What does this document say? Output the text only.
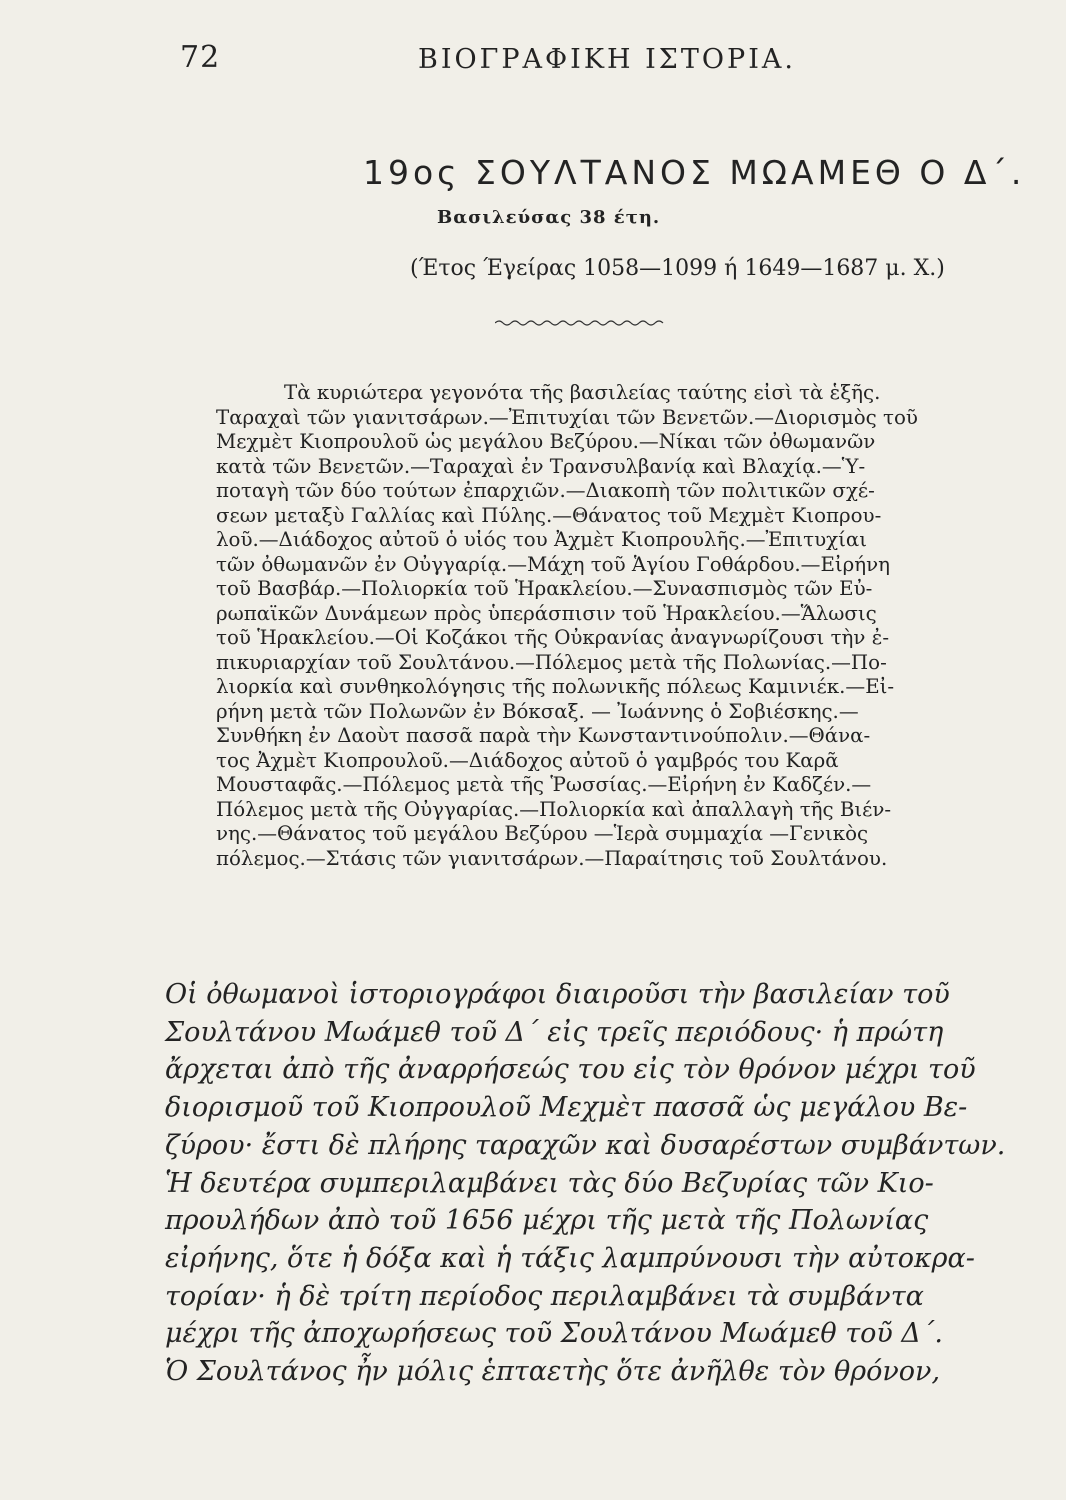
72	ΒΙΟΓΡΑΦΙΚΗ ΙΣΤΟΡΙΑ.
19ος ΣΟΥΛΤΑΝΟΣ ΜΩΑΜΕΘ Ο Δ΄.
Βασιλεύσας 38 έτη.
(Έτος Έγείρας 1058—1099 ή 1649—1687 μ. Χ.)
Τὰ κυριώτερα γεγονότα τῆς βασιλείας ταύτης εἰσὶ τὰ ἑξῆς.
Ταραχαὶ τῶν γιανιτσάρων.—Ἐπιτυχίαι τῶν Βενετῶν.—Διορισμὸς τοῦ
Μεχμὲτ Κιοπρουλοῦ ὡς μεγάλου Βεζύρου.—Νίκαι τῶν ὀθωμανῶν
κατὰ τῶν Βενετῶν.—Ταραχαὶ ἐν Τρανσυλβανίᾳ καὶ Βλαχίᾳ.—Ὑ-
ποταγὴ τῶν δύο τούτων ἐπαρχιῶν.—Διακοπὴ τῶν πολιτικῶν σχέ-
σεων μεταξὺ Γαλλίας καὶ Πύλης.—Θάνατος τοῦ Μεχμὲτ Κιοπρου-
λοῦ.—Διάδοχος αὐτοῦ ὁ υἱός του Ἀχμὲτ Κιοπρουλῆς.—Ἐπιτυχίαι
τῶν ὀθωμανῶν ἐν Οὐγγαρίᾳ.—Μάχη τοῦ Ἁγίου Γοθάρδου.—Εἰρήνη
τοῦ Βασβάρ.—Πολιορκία τοῦ Ἡρακλείου.—Συνασπισμὸς τῶν Εὐ-
ρωπαϊκῶν Δυνάμεων πρὸς ὑπεράσπισιν τοῦ Ἡρακλείου.—Ἅλωσις
τοῦ Ἡρακλείου.—Οἱ Κοζάκοι τῆς Οὐκρανίας ἀναγνωρίζουσι τὴν ἐ-
πικυριαρχίαν τοῦ Σουλτάνου.—Πόλεμος μετὰ τῆς Πολωνίας.—Πο-
λιορκία καὶ συνθηκολόγησις τῆς πολωνικῆς πόλεως Καμινιέκ.—Εἰ-
ρήνη μετὰ τῶν Πολωνῶν ἐν Βόκσαξ. — Ἰωάννης ὁ Σοβιέσκης.—
Συνθήκη ἐν Δαοὺτ πασσᾶ παρὰ τὴν Κωνσταντινούπολιν.—Θάνα-
τος Ἀχμὲτ Κιοπρουλοῦ.—Διάδοχος αὐτοῦ ὁ γαμβρός του Καρᾶ
Μουσταφᾶς.—Πόλεμος μετὰ τῆς Ῥωσσίας.—Εἰρήνη ἐν Καδζέν.—
Πόλεμος μετὰ τῆς Οὐγγαρίας.—Πολιορκία καὶ ἀπαλλαγὴ τῆς Βιέν-
νης.—Θάνατος τοῦ μεγάλου Βεζύρου —Ἱερὰ συμμαχία —Γενικὸς
πόλεμος.—Στάσις τῶν γιανιτσάρων.—Παραίτησις τοῦ Σουλτάνου.
Οἱ ὀθωμανοὶ ἱστοριογράφοι διαιροῦσι τὴν βασιλείαν τοῦ
Σουλτάνου Μωάμεθ τοῦ Δ΄ εἰς τρεῖς περιόδους· ἡ πρώτη
ἄρχεται ἀπὸ τῆς ἀναρρήσεώς του εἰς τὸν θρόνον μέχρι τοῦ
διορισμοῦ τοῦ Κιοπρουλοῦ Μεχμὲτ πασσᾶ ὡς μεγάλου Βε-
ζύρου· ἔστι δὲ πλήρης ταραχῶν καὶ δυσαρέστων συμβάντων.
Ἡ δευτέρα συμπεριλαμβάνει τὰς δύο Βεζυρίας τῶν Κιο-
προυλήδων ἀπὸ τοῦ 1656 μέχρι τῆς μετὰ τῆς Πολωνίας
εἰρήνης, ὅτε ἡ δόξα καὶ ἡ τάξις λαμπρύνουσι τὴν αὐτοκρα-
τορίαν· ἡ δὲ τρίτη περίοδος περιλαμβάνει τὰ συμβάντα
μέχρι τῆς ἀποχωρήσεως τοῦ Σουλτάνου Μωάμεθ τοῦ Δ΄.
Ὁ Σουλτάνος ἦν μόλις ἑπταετὴς ὅτε ἀνῆλθε τὸν θρόνον,
